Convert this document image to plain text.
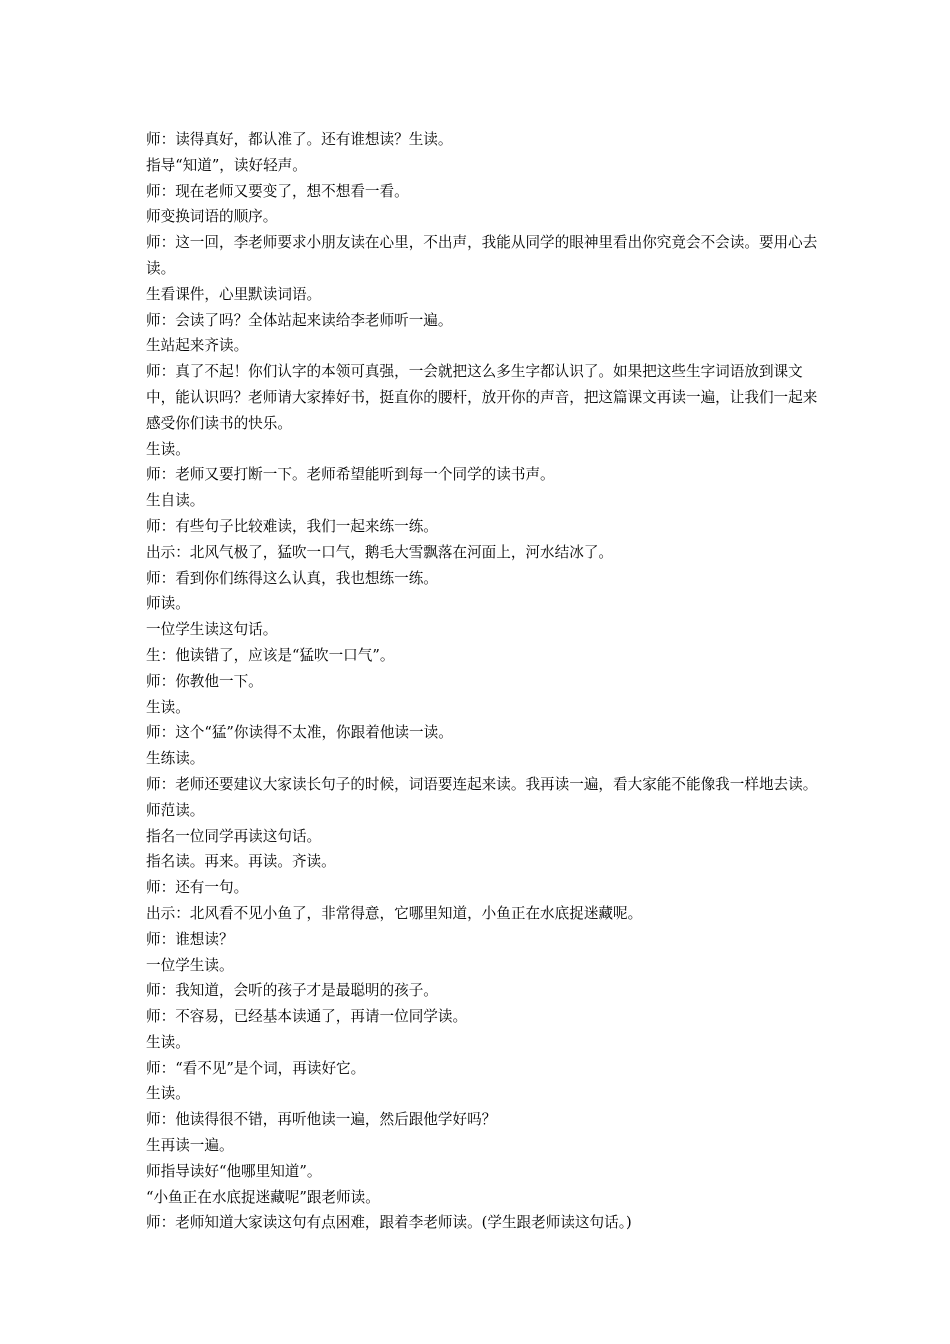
师：读得真好，都认准了。还有谁想读？生读。

指导“知道”，读好轻声。

师：现在老师又要变了，想不想看一看。

师变换词语的顺序。

师：这一回，李老师要求小朋友读在心里，不出声，我能从同学的眼神里看出你究竟会不会读。要用心去读。

生看课件，心里默读词语。

师：会读了吗？全体站起来读给李老师听一遍。

生站起来齐读。

师：真了不起！你们认字的本领可真强，一会就把这么多生字都认识了。如果把这些生字词语放到课文中，能认识吗？老师请大家捧好书，挺直你的腰杆，放开你的声音，把这篇课文再读一遍，让我们一起来感受你们读书的快乐。

生读。

师：老师又要打断一下。老师希望能听到每一个同学的读书声。

生自读。

师：有些句子比较难读，我们一起来练一练。

出示：北风气极了，猛吹一口气，鹅毛大雪飘落在河面上，河水结冰了。

师：看到你们练得这么认真，我也想练一练。

师读。

一位学生读这句话。

生：他读错了，应该是“猛吹一口气”。

师：你教他一下。

生读。

师：这个“猛”你读得不太准，你跟着他读一读。

生练读。

师：老师还要建议大家读长句子的时候，词语要连起来读。我再读一遍，看大家能不能像我一样地去读。

师范读。

指名一位同学再读这句话。

指名读。再来。再读。齐读。

师：还有一句。

出示：北风看不见小鱼了，非常得意，它哪里知道，小鱼正在水底捉迷藏呢。

师：谁想读？

一位学生读。

师：我知道，会听的孩子才是最聪明的孩子。

师：不容易，已经基本读通了，再请一位同学读。

生读。

师：“看不见”是个词，再读好它。

生读。

师：他读得很不错，再听他读一遍，然后跟他学好吗？

生再读一遍。

师指导读好“他哪里知道”。

“小鱼正在水底捉迷藏呢”跟老师读。

师：老师知道大家读这句有点困难，跟着李老师读。(学生跟老师读这句话。)
